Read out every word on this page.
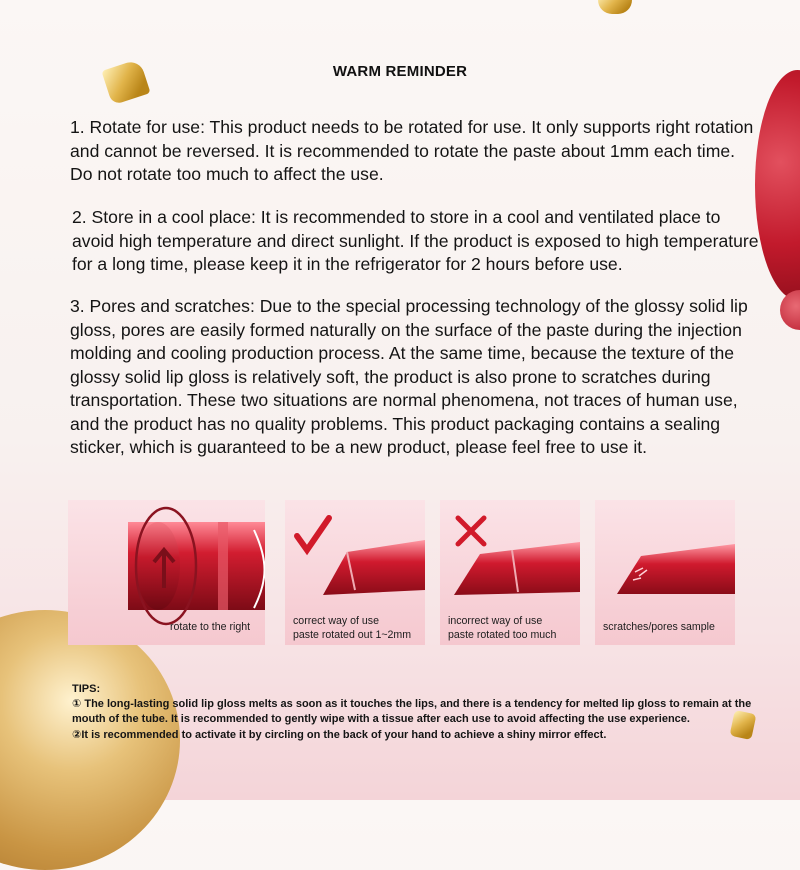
WARM REMINDER

1. Rotate for use: This product needs to be rotated for use. It only supports right rotation and cannot be reversed. It is recommended to rotate the paste about 1mm each time. Do not rotate too much to affect the use.

2. Store in a cool place: It is recommended to store in a cool and ventilated place to avoid high temperature and direct sunlight. If the product is exposed to high temperature for a long time, please keep it in the refrigerator for 2 hours before use.

3. Pores and scratches: Due to the special processing technology of the glossy solid lip gloss, pores are easily formed naturally on the surface of the paste during the injection molding and cooling production process. At the same time, because the texture of the glossy solid lip gloss is relatively soft, the product is also prone to scratches during transportation. These two situations are normal phenomena, not traces of human use, and the product has no quality problems. This product packaging contains a sealing sticker, which is guaranteed to be a new product, please feel free to use it.

rotate to the right	correct way of use
paste rotated out 1~2mm
incorrect way of use
paste rotated too much
scratches/pores sample
TIPS:
① The long-lasting solid lip gloss melts as soon as it touches the lips, and there is a tendency for melted lip gloss to remain at the mouth of the tube. It is recommended to gently wipe with a tissue after each use to avoid affecting the use experience.
②It is recommended to activate it by circling on the back of your hand to achieve a shiny mirror effect.
